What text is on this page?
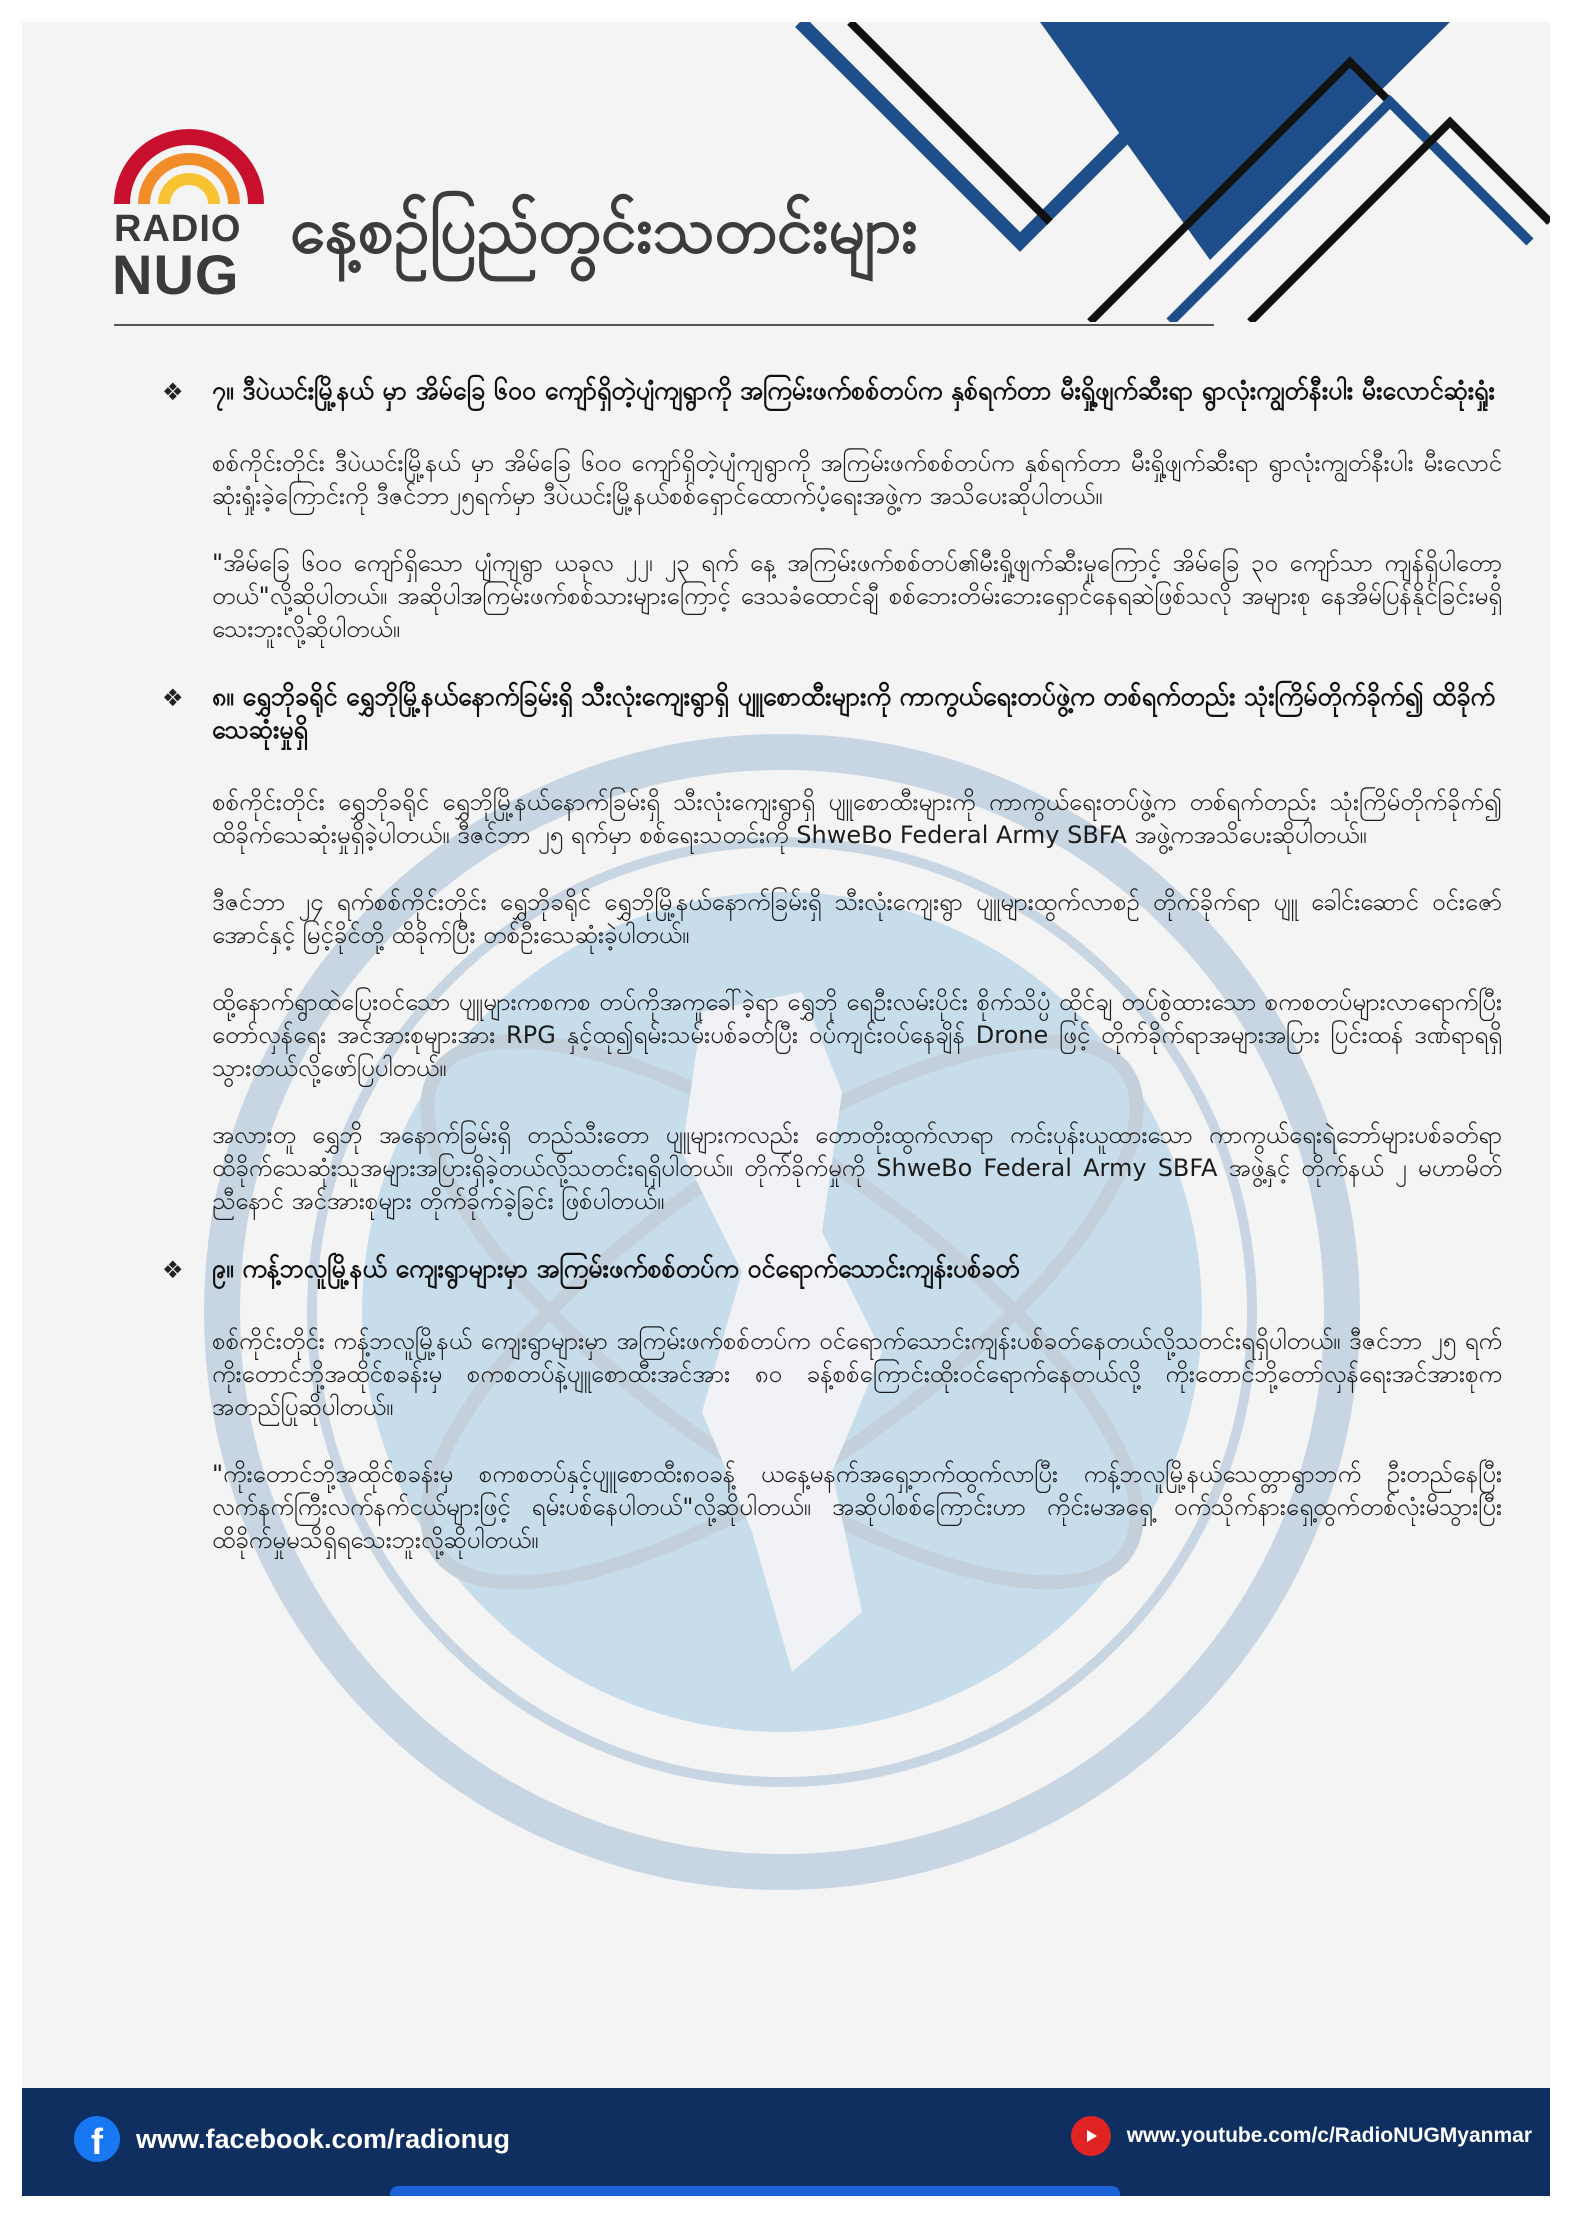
RADIO
NUG
နေ့စဉ်ပြည်တွင်းသတင်းများ
❖ ၇။ ဒီပဲယင်းမြို့နယ် မှာ အိမ်ခြေ ၆၀၀ ကျော်ရှိတဲ့ပျံကျရွာကို အကြမ်းဖက်စစ်တပ်က နှစ်ရက်တာ မီးရှို့ဖျက်ဆီးရာ ရွာလုံးကျွတ်နီးပါး မီးလောင်ဆုံးရှုံး

စစ်ကိုင်းတိုင်း ဒီပဲယင်းမြို့နယ် မှာ အိမ်ခြေ ၆၀၀ ကျော်ရှိတဲ့ပျံကျရွာကို အကြမ်းဖက်စစ်တပ်က နှစ်ရက်တာ မီးရှို့ဖျက်ဆီးရာ ရွာလုံးကျွတ်နီးပါး မီးလောင်ဆုံးရှုံးခဲ့ကြောင်းကို ဒီဇင်ဘာ၂၅ရက်မှာ ဒီပဲယင်းမြို့နယ်စစ်ရှောင်ထောက်ပံ့ရေးအဖွဲ့က အသိပေးဆိုပါတယ်။

"အိမ်ခြေ ၆၀၀ ကျော်ရှိသော ပျံကျရွာ ယခုလ ၂၂၊ ၂၃ ရက် နေ့ အကြမ်းဖက်စစ်တပ်၏မီးရှို့ဖျက်ဆီးမှုကြောင့် အိမ်ခြေ ၃၀ ကျော်သာ ကျန်ရှိပါတော့တယ်"လို့ဆိုပါတယ်။ အဆိုပါအကြမ်းဖက်စစ်သားများကြောင့် ဒေသခံထောင်ချီ စစ်ဘေးတိမ်းဘေးရှောင်နေရဆဲဖြစ်သလို အများစု နေအိမ်ပြန်နိုင်ခြင်းမရှိသေးဘူးလို့ဆိုပါတယ်။

❖ ၈။ ရွှေဘိုခရိုင် ရွှေဘိုမြို့နယ်နောက်ခြမ်းရှိ သီးလုံးကျေးရွာရှိ ပျူစောထီးများကို ကာကွယ်ရေးတပ်ဖွဲ့က တစ်ရက်တည်း သုံးကြိမ်တိုက်ခိုက်၍ ထိခိုက်သေဆုံးမှုရှိ

စစ်ကိုင်းတိုင်း ရွှေဘိုခရိုင် ရွှေဘိုမြို့နယ်နောက်ခြမ်းရှိ သီးလုံးကျေးရွာရှိ ပျူစောထီးများကို ကာကွယ်ရေးတပ်ဖွဲ့က တစ်ရက်တည်း သုံးကြိမ်တိုက်ခိုက်၍ ထိခိုက်သေဆုံးမှုရှိခဲ့ပါတယ်။ ဒီဇင်ဘာ ၂၅ ရက်မှာ စစ်ရေးသတင်းကို ShweBo Federal Army SBFA အဖွဲ့ကအသိပေးဆိုပါတယ်။

ဒီဇင်ဘာ ၂၄ ရက်စစ်ကိုင်းတိုင်း ရွှေဘိုခရိုင် ရွှေဘိုမြို့နယ်နောက်ခြမ်းရှိ သီးလုံးကျေးရွာ ပျူများထွက်လာစဥ် တိုက်ခိုက်ရာ ပျူ ခေါင်းဆောင် ဝင်းဇော်အောင်နှင့် မြင့်ခိုင်တို့ ထိခိုက်ပြီး တစ်ဦးသေဆုံးခဲ့ပါတယ်။

ထို့နောက်ရွာထဲပြေးဝင်သော ပျူများကစကစ တပ်ကိုအကူခေါ်ခဲ့ရာ ရွှေဘို ရေဦးလမ်းပိုင်း စိုက်သိပ္ပံ ထိုင်ချ တပ်စွဲထားသော စကစတပ်များလာရောက်ပြီး တော်လှန်ရေး အင်အားစုများအား RPG နှင့်ထု၍ရမ်းသမ်းပစ်ခတ်ပြီး ဝပ်ကျင်းဝပ်နေချိန် Drone ဖြင့် တိုက်ခိုက်ရာအများအပြား ပြင်းထန် ဒဏ်ရာရရှိသွားတယ်လို့ဖော်ပြပါတယ်။

အလားတူ ရွှေဘို အနောက်ခြမ်းရှိ တည်သီးတော ပျူများကလည်း တောတိုးထွက်လာရာ ကင်းပုန်းယူထားသော ကာကွယ်ရေးရဲဘော်များပစ်ခတ်ရာ ထိခိုက်သေဆုံးသူအများအပြားရှိခဲ့တယ်လို့သတင်းရရှိပါတယ်။ တိုက်ခိုက်မှုကို ShweBo Federal Army SBFA အဖွဲ့နှင့် တိုက်နယ် ၂ မဟာမိတ် ညီနောင် အင်အားစုများ တိုက်ခိုက်ခဲ့ခြင်း ဖြစ်ပါတယ်။

❖ ၉။ ကန့်ဘလူမြို့နယ် ကျေးရွာများမှာ အကြမ်းဖက်စစ်တပ်က ဝင်ရောက်သောင်းကျန်းပစ်ခတ်

စစ်ကိုင်းတိုင်း ကန့်ဘလူမြို့နယ် ကျေးရွာများမှာ အကြမ်းဖက်စစ်တပ်က ဝင်ရောက်သောင်းကျန်းပစ်ခတ်နေတယ်လို့သတင်းရရှိပါတယ်။ ဒီဇင်ဘာ ၂၅ ရက် ကိုးတောင်ဘို့အထိုင်စခန်းမှ စကစတပ်နဲ့ပျူစောထီးအင်အား ၈၀ ခန့်စစ်ကြောင်းထိုးဝင်ရောက်နေတယ်လို့ ကိုးတောင်ဘို့တော်လှန်ရေးအင်အားစုကအတည်ပြုဆိုပါတယ်။

"ကိုးတောင်ဘို့အထိုင်စခန်းမှ စကစတပ်နှင့်ပျူစောထီး၈၀ခန့် ယနေ့မနက်အရှေ့ဘက်ထွက်လာပြီး ကန့်ဘလူမြို့နယ်သေတ္တာရွာဘက် ဦးတည်နေပြီးလက်နက်ကြီးလက်နက်ငယ်များဖြင့် ရမ်းပစ်နေပါတယ်"လို့ဆိုပါတယ်။ အဆိုပါစစ်ကြောင်းဟာ ကိုင်းမအရှေ့ ဝက်သိုက်နားရှေ့ထွက်တစ်လုံးမိသွားပြီး ထိခိုက်မှုမသိရှိရသေးဘူးလို့ဆိုပါတယ်။

f	www.facebook.com/radionug	www.youtube.com/c/RadioNUGMyanmar
